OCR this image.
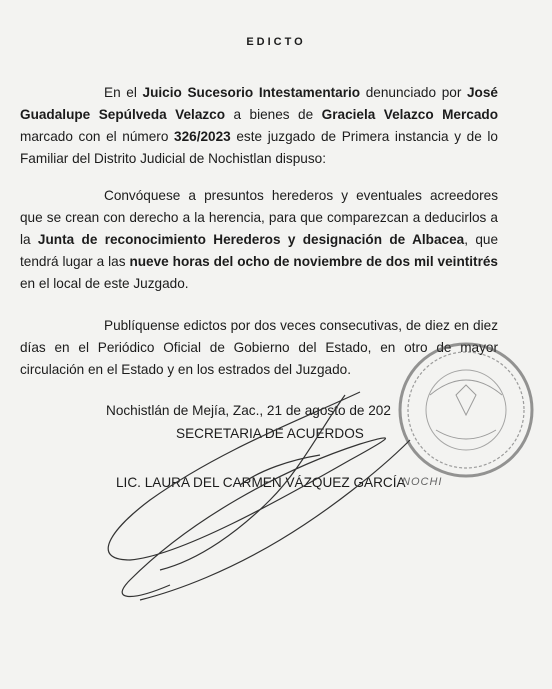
EDICTO
En el Juicio Sucesorio Intestamentario denunciado por José Guadalupe Sepúlveda Velazco a bienes de Graciela Velazco Mercado marcado con el número 326/2023 este juzgado de Primera instancia y de lo Familiar del Distrito Judicial de Nochistlan dispuso:
Convóquese a presuntos herederos y eventuales acreedores que se crean con derecho a la herencia, para que comparezcan a deducirlos a la Junta de reconocimiento Herederos y designación de Albacea, que tendrá lugar a las nueve horas del ocho de noviembre de dos mil veintitrés en el local de este Juzgado.
Publíquense edictos por dos veces consecutivas, de diez en diez días en el Periódico Oficial de Gobierno del Estado, en otro de mayor circulación en el Estado y en los estrados del Juzgado.
Nochistlán de Mejía, Zac., 21 de agosto de 202
SECRETARIA DE ACUERDOS
LIC. LAURA DEL CARMEN VÁZQUEZ GARCÍA
NOCHI
